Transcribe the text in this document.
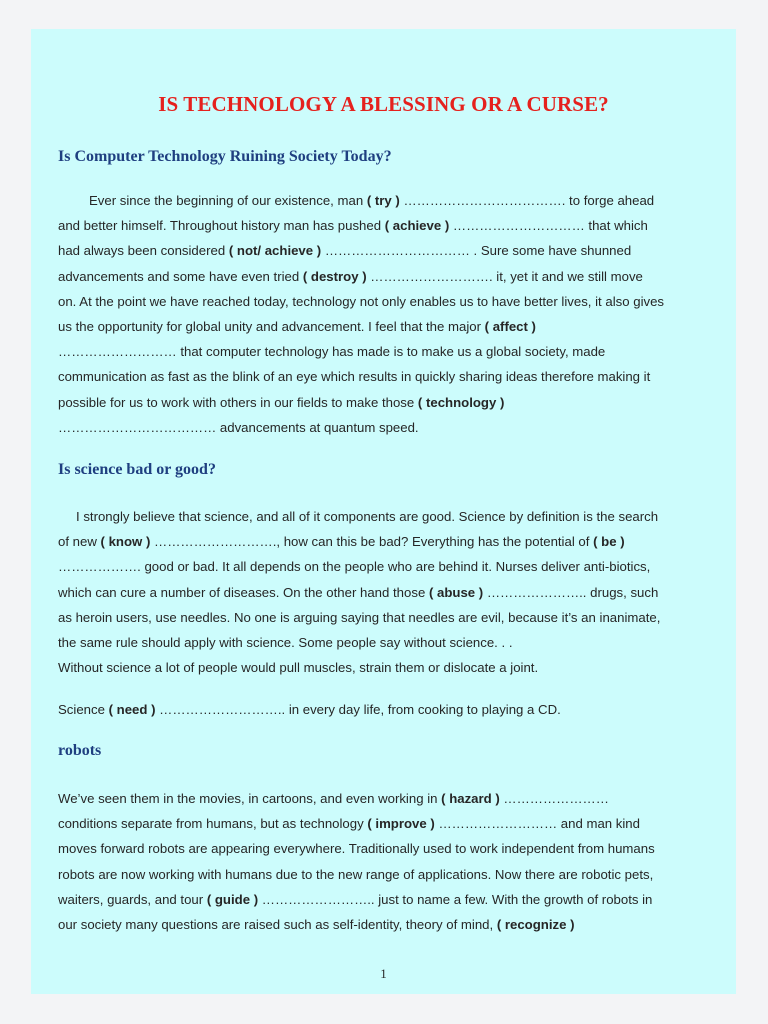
IS TECHNOLOGY A BLESSING OR A CURSE?
Is Computer Technology Ruining Society Today?
Ever since the beginning of our existence, man ( try ) ………………………………. to forge ahead
and better himself. Throughout history man has pushed ( achieve ) ………………………… that which
had always been considered ( not/ achieve ) …………………………… . Sure some have shunned
advancements and some have even tried ( destroy ) ………………………. it, yet it and we still move
on. At the point we have reached today, technology not only enables us to have better lives, it also gives
us the opportunity for global unity and advancement. I feel that the major ( affect )
……………………… that computer technology has made is to make us a global society, made
communication as fast as the blink of an eye which results in quickly sharing ideas therefore making it
possible for us to work with others in our fields to make those ( technology )
……………………………… advancements at quantum speed.
Is science bad or good?
I strongly believe that science, and all of it components are good. Science by definition is the search
of new ( know ) ………………………., how can this be bad? Everything has the potential of ( be )
………………. good or bad. It all depends on the people who are behind it. Nurses deliver anti-biotics,
which can cure a number of diseases. On the other hand those ( abuse ) ………………….. drugs, such
as heroin users, use needles. No one is arguing saying that needles are evil, because it’s an inanimate,
the same rule should apply with science. Some people say without science. . .
Without science a lot of people would pull muscles, strain them or dislocate a joint.
Science ( need ) ……………………….. in every day life, from cooking to playing a CD.
robots
We’ve seen them in the movies, in cartoons, and even working in ( hazard ) ……………………
conditions separate from humans, but as technology ( improve ) ……………………… and man kind
moves forward robots are appearing everywhere. Traditionally used to work independent from humans
robots are now working with humans due to the new range of applications. Now there are robotic pets,
waiters, guards, and tour ( guide ) …………………….. just to name a few. With the growth of robots in
our society many questions are raised such as self-identity, theory of mind, ( recognize )
1
